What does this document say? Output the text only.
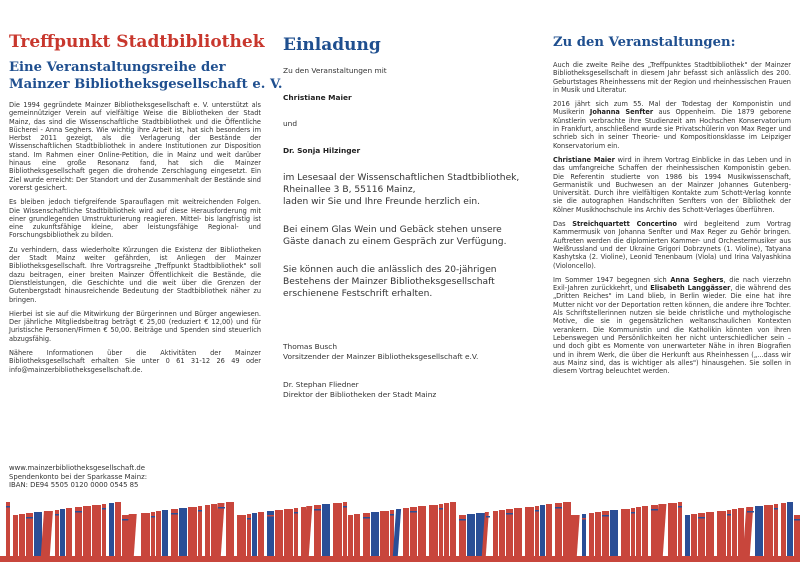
Treffpunkt Stadtbibliothek
Eine Veranstaltungsreihe der
Mainzer Bibliotheksgesellschaft e. V.

Die 1994 gegründete Mainzer Bibliotheksgesellschaft e. V. unterstützt als gemeinnütziger Verein auf vielfältige Weise die Bibliotheken der Stadt Mainz, das sind die Wissenschaftliche Stadtbibliothek und die Öffentliche Bücherei - Anna Seghers. Wie wichtig ihre Arbeit ist, hat sich besonders im Herbst 2011 gezeigt, als die Verlagerung der Bestände der Wissenschaftlichen Stadtbibliothek in andere Institutionen zur Disposition stand. Im Rahmen einer Online-Petition, die in Mainz und weit darüber hinaus eine große Resonanz fand, hat sich die Mainzer Bibliotheksgesellschaft gegen die drohende Zerschlagung eingesetzt. Ein Ziel wurde erreicht: Der Standort und der Zusammenhalt der Bestände sind vorerst gesichert.

Es bleiben jedoch tiefgreifende Sparauflagen mit weitreichenden Folgen. Die Wissenschaftliche Stadtbibliothek wird auf diese Herausforderung mit einer grundlegenden Umstrukturierung reagieren. Mittel- bis langfristig ist eine zukunftsfähige kleine, aber leistungsfähige Regional- und Forschungsbibliothek zu bilden.

Zu verhindern, dass wiederholte Kürzungen die Existenz der Bibliotheken der Stadt Mainz weiter gefährden, ist Anliegen der Mainzer Bibliotheksgesellschaft. Ihre Vortragsreihe „Treffpunkt Stadtbibliothek" soll dazu beitragen, einer breiten Mainzer Öffentlichkeit die Bestände, die Dienstleistungen, die Geschichte und die weit über die Grenzen der Gutenbergstadt hinausreichende Bedeutung der Stadtbibliothek näher zu bringen.

Hierbei ist sie auf die Mitwirkung der Bürgerinnen und Bürger angewiesen. Der jährliche Mitgliedsbeitrag beträgt € 25,00 (reduziert € 12,00) und für Juristische Personen/Firmen € 50,00. Beiträge und Spenden sind steuerlich abzugsfähig.

Nähere Informationen über die Aktivitäten der Mainzer Bibliotheksgesellschaft erhalten Sie unter 0 61 31-12 26 49 oder info@mainzerbibliotheksgesellschaft.de.

www.mainzerbibliotheksgesellschaft.de
Spendenkonto bei der Sparkasse Mainz:
IBAN: DE94 5505 0120 0000 0545 85
Einladung
Zu den Veranstaltungen mit
Christiane Maier
und
Dr. Sonja Hilzinger
im Lesesaal der Wissenschaftlichen Stadtbibliothek,
Rheinallee 3 B, 55116 Mainz,
laden wir Sie und Ihre Freunde herzlich ein.
Bei einem Glas Wein und Gebäck stehen unsere Gäste danach zu einem Gespräch zur Verfügung.
Sie können auch die anlässlich des 20-jährigen Bestehens der Mainzer Bibliotheksgesellschaft erschienene Festschrift erhalten.
Thomas Busch
Vorsitzender der Mainzer Bibliotheksgesellschaft e.V.
Dr. Stephan Fliedner
Direktor der Bibliotheken der Stadt Mainz
Zu den Veranstaltungen:

Auch die zweite Reihe des „Treffpunktes Stadtbibliothek" der Mainzer Bibliotheksgesellschaft in diesem Jahr befasst sich anlässlich des 200. Geburtstages Rheinhessens mit der Region und rheinhessischen Frauen in Musik und Literatur.

2016 jährt sich zum 55. Mal der Todestag der Komponistin und Musikerin Johanna Senfter aus Oppenheim. Die 1879 geborene Künstlerin verbrachte ihre Studienzeit am Hochschen Konservatorium in Frankfurt, anschließend wurde sie Privatschülerin von Max Reger und schrieb sich in seiner Theorie- und Kompositionsklasse im Leipziger Konservatorium ein.

Christiane Maier wird in ihrem Vortrag Einblicke in das Leben und in das umfangreiche Schaffen der rheinhessischen Komponistin geben. Die Referentin studierte von 1986 bis 1994 Musikwissenschaft, Germanistik und Buchwesen an der Mainzer Johannes Gutenberg-Universität. Durch ihre vielfältigen Kontakte zum Schott-Verlag konnte sie die autographen Handschriften Senfters von der Bibliothek der Kölner Musikhochschule ins Archiv des Schott-Verlages überführen.

Das Streichquartett Concertino wird begleitend zum Vortrag Kammermusik von Johanna Senfter und Max Reger zu Gehör bringen. Auftreten werden die diplomierten Kammer- und Orchestermusiker aus Weißrussland und der Ukraine Grigori Dobrzynets (1. Violine), Tatyana Kashytska (2. Violine), Leonid Tenenbaum (Viola) und Irina Valyashkina (Violoncello).

Im Sommer 1947 begegnen sich Anna Seghers, die nach vierzehn Exil-Jahren zurückkehrt, und Elisabeth Langgässer, die während des „Dritten Reiches" im Land blieb, in Berlin wieder. Die eine hat ihre Mutter nicht vor der Deportation retten können, die andere ihre Tochter. Als Schriftstellerinnen nutzen sie beide christliche und mythologische Motive, die sie in gegensätzlichen weltanschaulichen Kontexten verankern. Die Kommunistin und die Katholikin könnten von ihren Lebenswegen und Persönlichkeiten her nicht unterschiedlicher sein – und doch gibt es Momente von unerwarteter Nähe in ihren Biografien und in ihrem Werk, die über die Herkunft aus Rheinhessen („...dass wir aus Mainz sind, das is wichtiger als alles") hinausgehen. Sie sollen in diesem Vortrag beleuchtet werden.
